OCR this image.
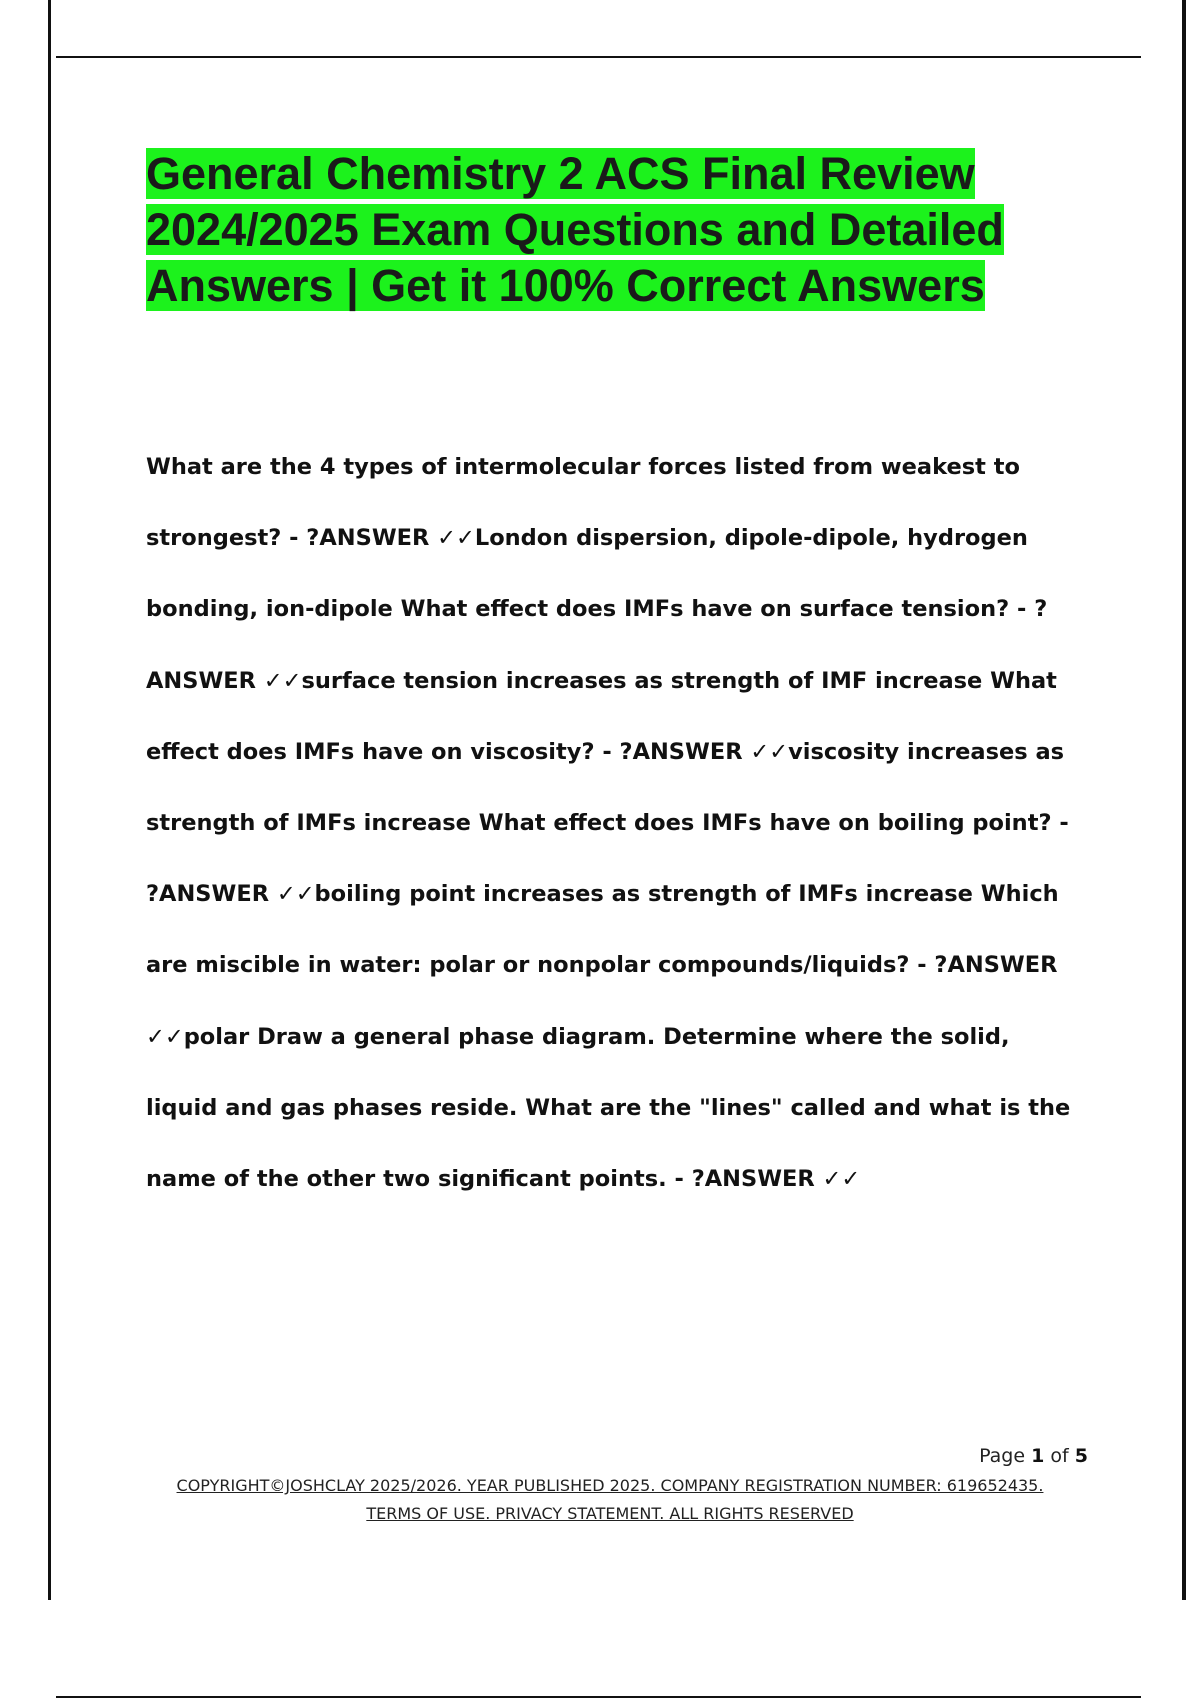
General Chemistry 2 ACS Final Review 2024/2025 Exam Questions and Detailed Answers | Get it 100% Correct Answers
What are the 4 types of intermolecular forces listed from weakest to strongest? - ?ANSWER ✓✓London dispersion, dipole-dipole, hydrogen bonding, ion-dipole What effect does IMFs have on surface tension? - ?ANSWER ✓✓surface tension increases as strength of IMF increase What effect does IMFs have on viscosity? - ?ANSWER ✓✓viscosity increases as strength of IMFs increase What effect does IMFs have on boiling point? - ?ANSWER ✓✓boiling point increases as strength of IMFs increase Which are miscible in water: polar or nonpolar compounds/liquids? - ?ANSWER ✓✓polar Draw a general phase diagram. Determine where the solid, liquid and gas phases reside. What are the "lines" called and what is the name of the other two significant points. - ?ANSWER ✓✓

Page 1 of 5

COPYRIGHT©JOSHCLAY 2025/2026. YEAR PUBLISHED 2025. COMPANY REGISTRATION NUMBER: 619652435. TERMS OF USE. PRIVACY STATEMENT. ALL RIGHTS RESERVED
